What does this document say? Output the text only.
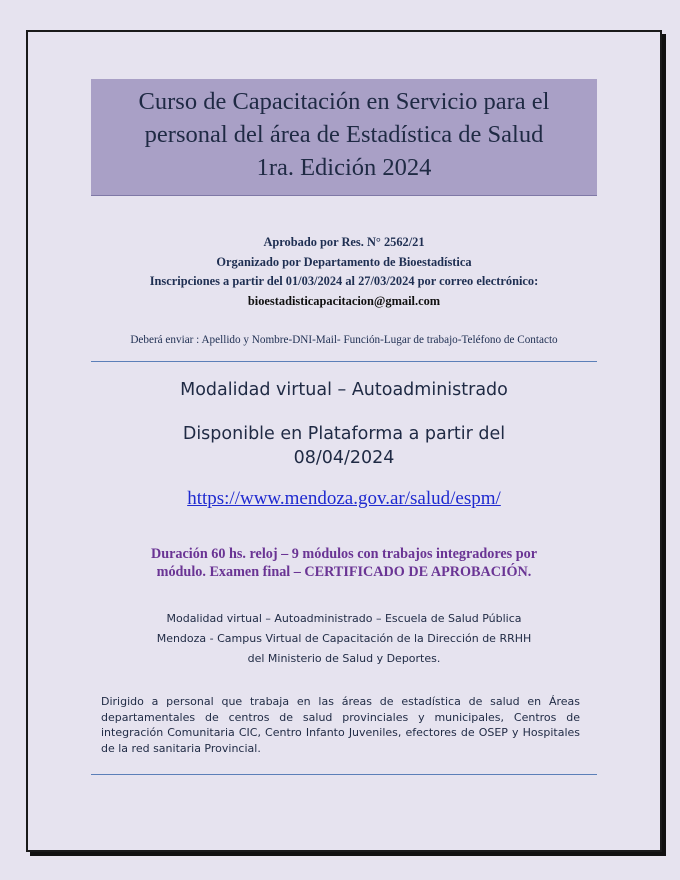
Curso de Capacitación en Servicio para el
personal del área de Estadística de Salud
1ra. Edición 2024
Aprobado por Res. N° 2562/21
Organizado por Departamento de Bioestadística
Inscripciones a partir del 01/03/2024 al 27/03/2024 por correo electrónico:
bioestadisticapacitacion@gmail.com
Deberá enviar : Apellido y Nombre-DNI-Mail- Función-Lugar de trabajo-Teléfono de Contacto
Modalidad virtual – Autoadministrado
Disponible en Plataforma a partir del
08/04/2024
https://www.mendoza.gov.ar/salud/espm/
Duración 60 hs. reloj – 9 módulos con trabajos integradores por
módulo. Examen final – CERTIFICADO DE APROBACIÓN.
Modalidad virtual – Autoadministrado – Escuela de Salud Pública
Mendoza - Campus Virtual de Capacitación de la Dirección de RRHH
del Ministerio de Salud y Deportes.
Dirigido a personal que trabaja en las áreas de estadística de salud en Áreas departamentales de centros de salud provinciales y municipales, Centros de integración Comunitaria CIC, Centro Infanto Juveniles, efectores de OSEP y Hospitales de la red sanitaria Provincial.
